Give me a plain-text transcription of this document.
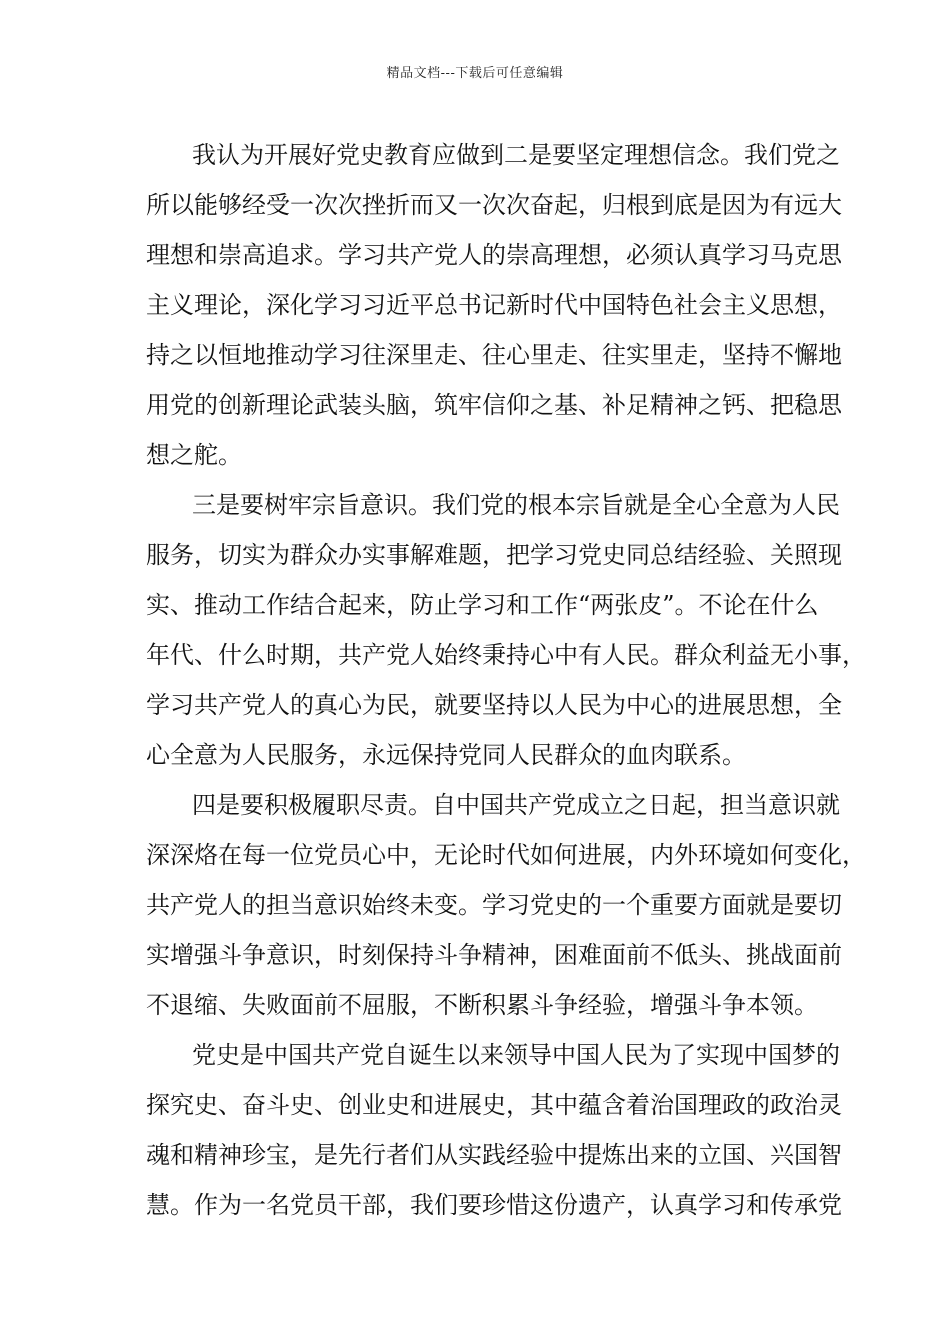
精品文档---下载后可任意编辑
我认为开展好党史教育应做到二是要坚定理想信念。我们党之
所以能够经受一次次挫折而又一次次奋起，归根到底是因为有远大
理想和崇高追求。学习共产党人的崇高理想，必须认真学习马克思
主义理论，深化学习习近平总书记新时代中国特色社会主义思想，
持之以恒地推动学习往深里走、往心里走、往实里走，坚持不懈地
用党的创新理论武装头脑，筑牢信仰之基、补足精神之钙、把稳思
想之舵。
三是要树牢宗旨意识。我们党的根本宗旨就是全心全意为人民
服务，切实为群众办实事解难题，把学习党史同总结经验、关照现
实、推动工作结合起来，防止学习和工作“两张皮”。不论在什么
年代、什么时期，共产党人始终秉持心中有人民。群众利益无小事，
学习共产党人的真心为民，就要坚持以人民为中心的进展思想，全
心全意为人民服务，永远保持党同人民群众的血肉联系。
四是要积极履职尽责。自中国共产党成立之日起，担当意识就
深深烙在每一位党员心中，无论时代如何进展，内外环境如何变化，
共产党人的担当意识始终未变。学习党史的一个重要方面就是要切
实增强斗争意识，时刻保持斗争精神，困难面前不低头、挑战面前
不退缩、失败面前不屈服，不断积累斗争经验，增强斗争本领。
党史是中国共产党自诞生以来领导中国人民为了实现中国梦的
探究史、奋斗史、创业史和进展史，其中蕴含着治国理政的政治灵
魂和精神珍宝，是先行者们从实践经验中提炼出来的立国、兴国智
慧。作为一名党员干部，我们要珍惜这份遗产，认真学习和传承党
